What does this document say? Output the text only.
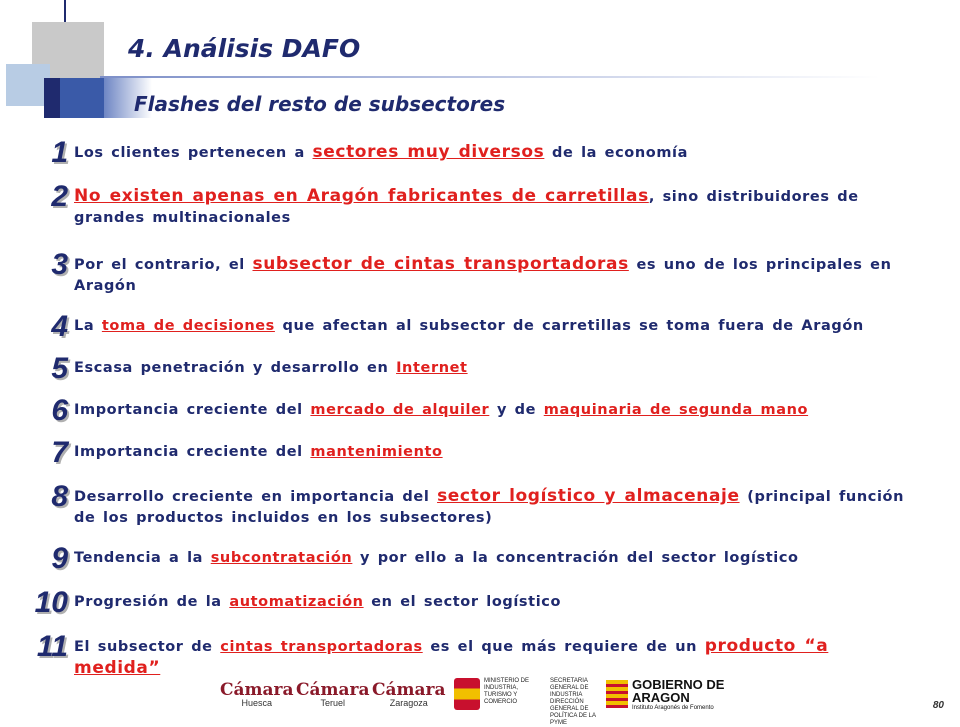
4. Análisis DAFO
Flashes del resto de subsectores
1 Los clientes pertenecen a sectores muy diversos de la economía
2 No existen apenas en Aragón fabricantes de carretillas, sino distribuidores de grandes multinacionales
3 Por el contrario, el subsector de cintas transportadoras es uno de los principales en Aragón
4 La toma de decisiones que afectan al subsector de carretillas se toma fuera de Aragón
5 Escasa penetración y desarrollo en Internet
6 Importancia creciente del mercado de alquiler y de maquinaria de segunda mano
7 Importancia creciente del mantenimiento
8 Desarrollo creciente en importancia del sector logístico y almacenaje (principal función de los productos incluidos en los subsectores)
9 Tendencia a la subcontratación y por ello a la concentración del sector logístico
10 Progresión de la automatización en el sector logístico
11 El subsector de cintas transportadoras es el que más requiere de un producto “a medida”
Cámara
Huesca
Cámara
Teruel
Cámara
Zaragoza
MINISTERIO DE INDUSTRIA, TURISMO Y COMERCIO
SECRETARIA GENERAL DE INDUSTRIA DIRECCIÓN GENERAL DE POLÍTICA DE LA PYME
GOBIERNO DE ARAGON
Instituto Aragonés de Fomento	80
